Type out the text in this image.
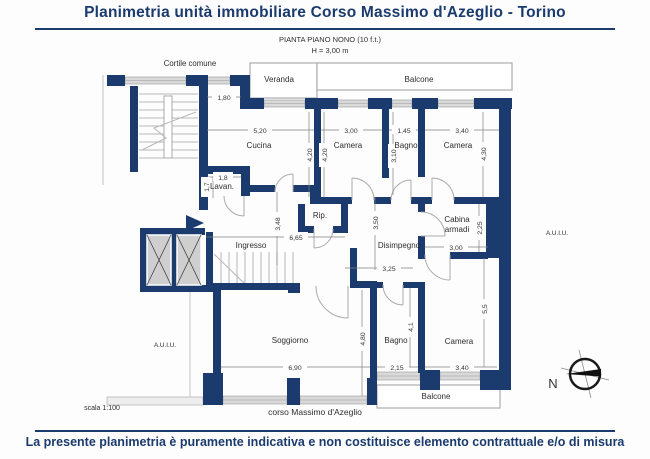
Planimetria unità immobiliare Corso Massimo d'Azeglio - Torino
PIANTA PIANO NONO (10 f.t.)
H = 3,00 m
1,80
5,20	3,00	1,45	3,40
4,20 4,20	3,10	4,30
1,8
1,7
3,48
6,65
3,50
3,25
3,00
2,25
6,90
4,80
2,15
4,1
3,40
5,5
Veranda	Balcone
Cucina	Camera	Bagno	Camera
Lavan.
Rip.
Ingresso	Disimpegno
Cabina
armadi
Soggiorno	Bagno	Camera
Balcone
Cortile comune
A.U.I.U.
A.U.I.U.
corso Massimo d'Azeglio
scala 1:100
N
La presente planimetria è puramente indicativa e non costituisce elemento contrattuale e/o di misura
